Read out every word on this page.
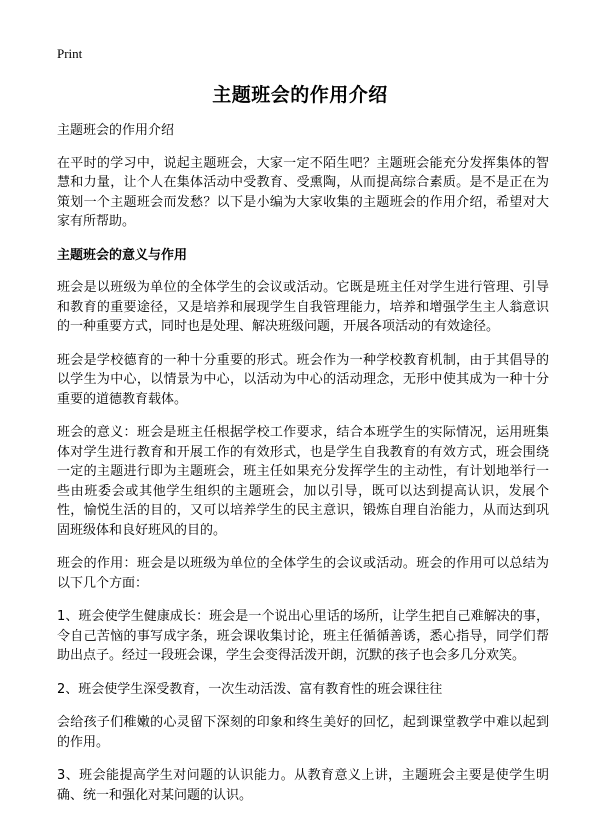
Print
主题班会的作用介绍

主题班会的作用介绍

在平时的学习中，说起主题班会，大家一定不陌生吧？主题班会能充分发挥集体的智慧和力量，让个人在集体活动中受教育、受熏陶，从而提高综合素质。是不是正在为策划一个主题班会而发愁？以下是小编为大家收集的主题班会的作用介绍，希望对大家有所帮助。

主题班会的意义与作用

班会是以班级为单位的全体学生的会议或活动。它既是班主任对学生进行管理、引导和教育的重要途径，又是培养和展现学生自我管理能力，培养和增强学生主人翁意识的一种重要方式，同时也是处理、解决班级问题，开展各项活动的有效途径。

班会是学校德育的一种十分重要的形式。班会作为一种学校教育机制，由于其倡导的以学生为中心，以情景为中心，以活动为中心的活动理念，无形中使其成为一种十分重要的道德教育载体。

班会的意义：班会是班主任根据学校工作要求，结合本班学生的实际情况，运用班集体对学生进行教育和开展工作的有效形式，也是学生自我教育的有效方式，班会围绕一定的主题进行即为主题班会，班主任如果充分发挥学生的主动性，有计划地举行一些由班委会或其他学生组织的主题班会，加以引导，既可以达到提高认识，发展个性，愉悦生活的目的，又可以培养学生的民主意识，锻炼自理自治能力，从而达到巩固班级体和良好班风的目的。

班会的作用：班会是以班级为单位的全体学生的会议或活动。班会的作用可以总结为以下几个方面：

1、班会使学生健康成长：班会是一个说出心里话的场所，让学生把自己难解决的事，令自己苦恼的事写成字条，班会课收集讨论，班主任循循善诱，悉心指导，同学们帮助出点子。经过一段班会课，学生会变得活泼开朗，沉默的孩子也会多几分欢笑。

2、班会使学生深受教育，一次生动活泼、富有教育性的班会课往往

会给孩子们稚嫩的心灵留下深刻的印象和终生美好的回忆，起到课堂教学中难以起到的作用。

3、班会能提高学生对问题的认识能力。从教育意义上讲，主题班会主要是使学生明确、统一和强化对某问题的认识。
